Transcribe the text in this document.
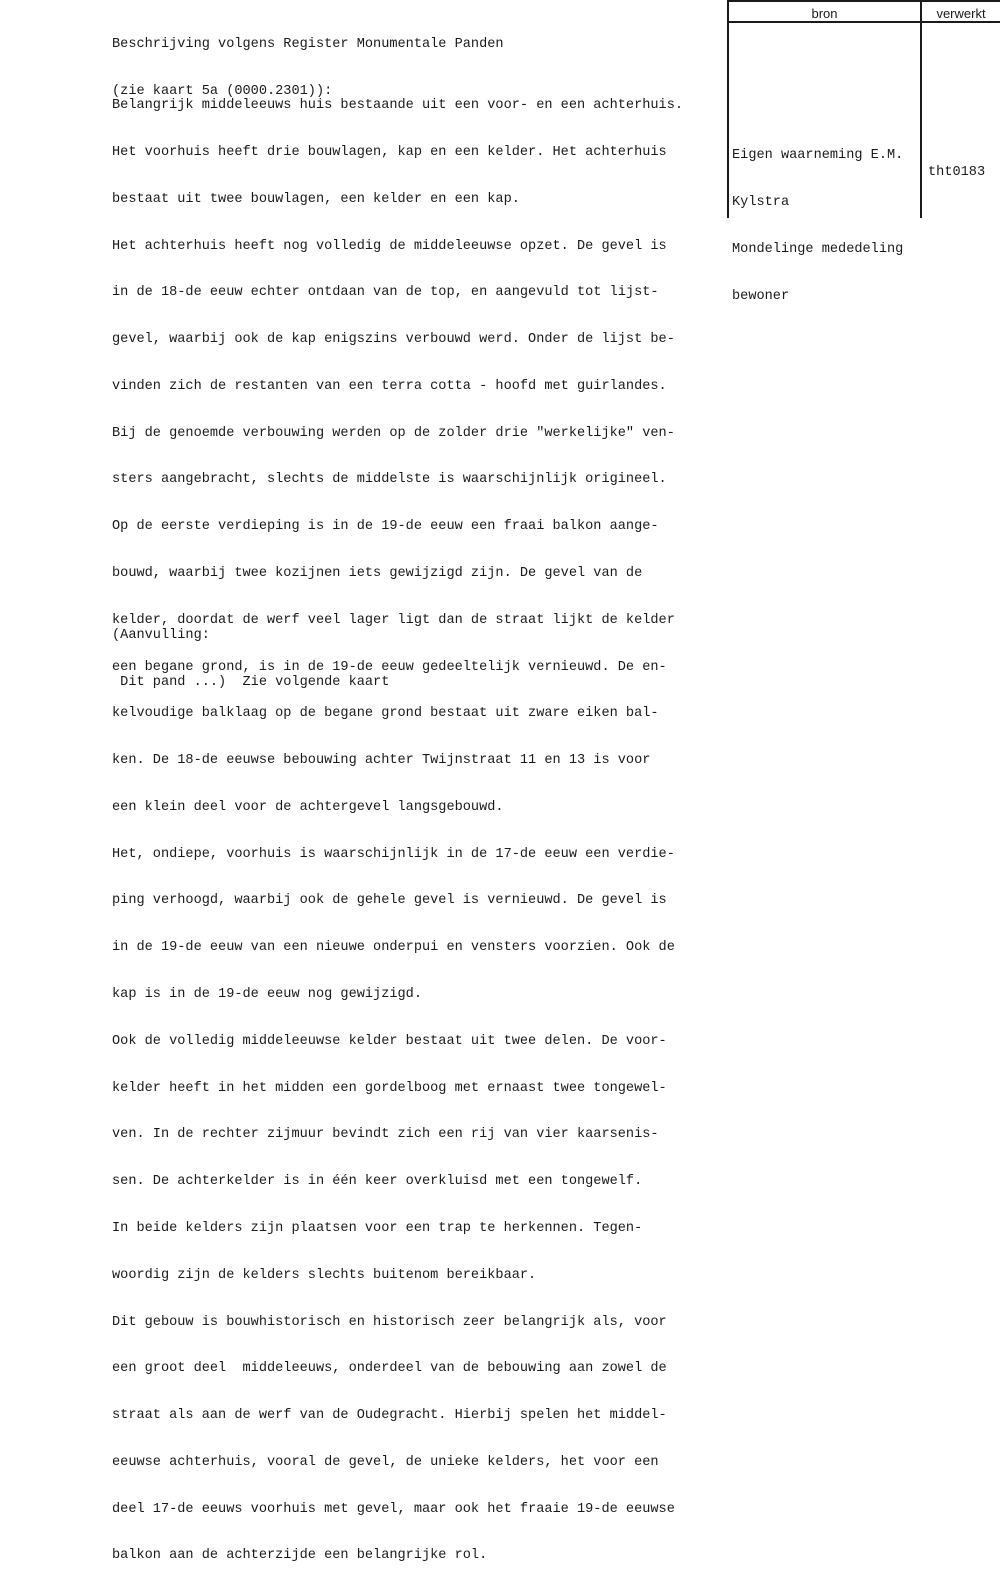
Beschrijving volgens Register Monumentale Panden

(zie kaart 5a (0000.2301)):

Belangrijk middeleeuws huis bestaande uit een voor- en een achterhuis.

Het voorhuis heeft drie bouwlagen, kap en een kelder. Het achterhuis

bestaat uit twee bouwlagen, een kelder en een kap.

Het achterhuis heeft nog volledig de middeleeuwse opzet. De gevel is

in de 18-de eeuw echter ontdaan van de top, en aangevuld tot lijst-

gevel, waarbij ook de kap enigszins verbouwd werd. Onder de lijst be-

vinden zich de restanten van een terra cotta - hoofd met guirlandes.

Bij de genoemde verbouwing werden op de zolder drie "werkelijke" ven-

sters aangebracht, slechts de middelste is waarschijnlijk origineel.

Op de eerste verdieping is in de 19-de eeuw een fraai balkon aange-

bouwd, waarbij twee kozijnen iets gewijzigd zijn. De gevel van de

kelder, doordat de werf veel lager ligt dan de straat lijkt de kelder

een begane grond, is in de 19-de eeuw gedeeltelijk vernieuwd. De en-

kelvoudige balklaag op de begane grond bestaat uit zware eiken bal-

ken. De 18-de eeuwse bebouwing achter Twijnstraat 11 en 13 is voor

een klein deel voor de achtergevel langsgebouwd.

Het, ondiepe, voorhuis is waarschijnlijk in de 17-de eeuw een verdie-

ping verhoogd, waarbij ook de gehele gevel is vernieuwd. De gevel is

in de 19-de eeuw van een nieuwe onderpui en vensters voorzien. Ook de

kap is in de 19-de eeuw nog gewijzigd.

Ook de volledig middeleeuwse kelder bestaat uit twee delen. De voor-

kelder heeft in het midden een gordelboog met ernaast twee tongewel-

ven. In de rechter zijmuur bevindt zich een rij van vier kaarsenis-

sen. De achterkelder is in één keer overkluisd met een tongewelf.

In beide kelders zijn plaatsen voor een trap te herkennen. Tegen-

woordig zijn de kelders slechts buitenom bereikbaar.

Dit gebouw is bouwhistorisch en historisch zeer belangrijk als, voor

een groot deel  middeleeuws, onderdeel van de bebouwing aan zowel de

straat als aan de werf van de Oudegracht. Hierbij spelen het middel-

eeuwse achterhuis, vooral de gevel, de unieke kelders, het voor een

deel 17-de eeuws voorhuis met gevel, maar ook het fraaie 19-de eeuwse

balkon aan de achterzijde een belangrijke rol.

(Aanvulling:

Dit pand ...)  Zie volgende kaart

bron	verwerkt

Eigen waarneming E.M.

Kylstra

Mondelinge mededeling

bewoner

tht0183
